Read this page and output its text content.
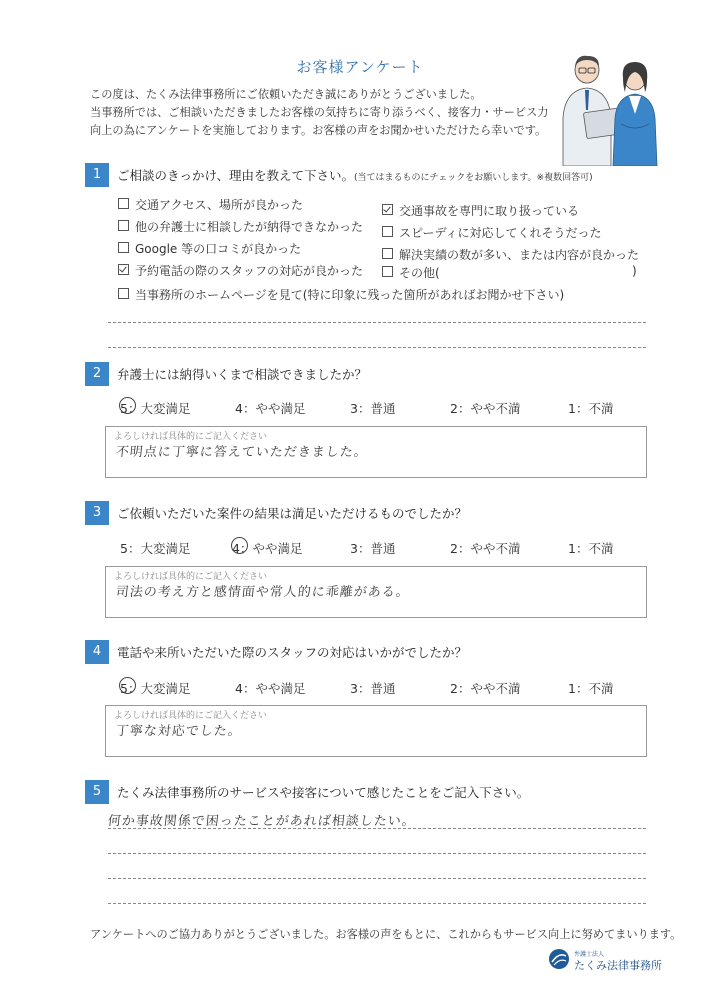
お客様アンケート
この度は、たくみ法律事務所にご依頼いただき誠にありがとうございました。
当事務所では、ご相談いただきましたお客様の気持ちに寄り添うべく、接客力・サービス力
向上の為にアンケートを実施しております。お客様の声をお聞かせいただけたら幸いです。
1	ご相談のきっかけ、理由を教えて下さい。(当てはまるものにチェックをお願いします。※複数回答可)
交通アクセス、場所が良かった
他の弁護士に相談したが納得できなかった
Google 等の口コミが良かった
予約電話の際のスタッフの対応が良かった
交通事故を専門に取り扱っている
スピーディに対応してくれそうだった
解決実績の数が多い、または内容が良かった
その他(	)
当事務所のホームページを見て(特に印象に残った箇所があればお聞かせ下さい)
2	弁護士には納得いくまで相談できましたか？
5：大変満足	4：やや満足	3：普通	2：やや不満	1：不満
よろしければ具体的にご記入ください
不明点に丁寧に答えていただきました。
3	ご依頼いただいた案件の結果は満足いただけるものでしたか？
5：大変満足	4：やや満足	3：普通	2：やや不満	1：不満
よろしければ具体的にご記入ください
司法の考え方と感情面や常人的に乖離がある。
4	電話や来所いただいた際のスタッフの対応はいかがでしたか？
5：大変満足	4：やや満足	3：普通	2：やや不満	1：不満
よろしければ具体的にご記入ください
丁寧な対応でした。
5	たくみ法律事務所のサービスや接客について感じたことをご記入下さい。
何か事故関係で困ったことがあれば相談したい。
アンケートへのご協力ありがとうございました。お客様の声をもとに、これからもサービス向上に努めてまいります。
弁護士法人
たくみ法律事務所
